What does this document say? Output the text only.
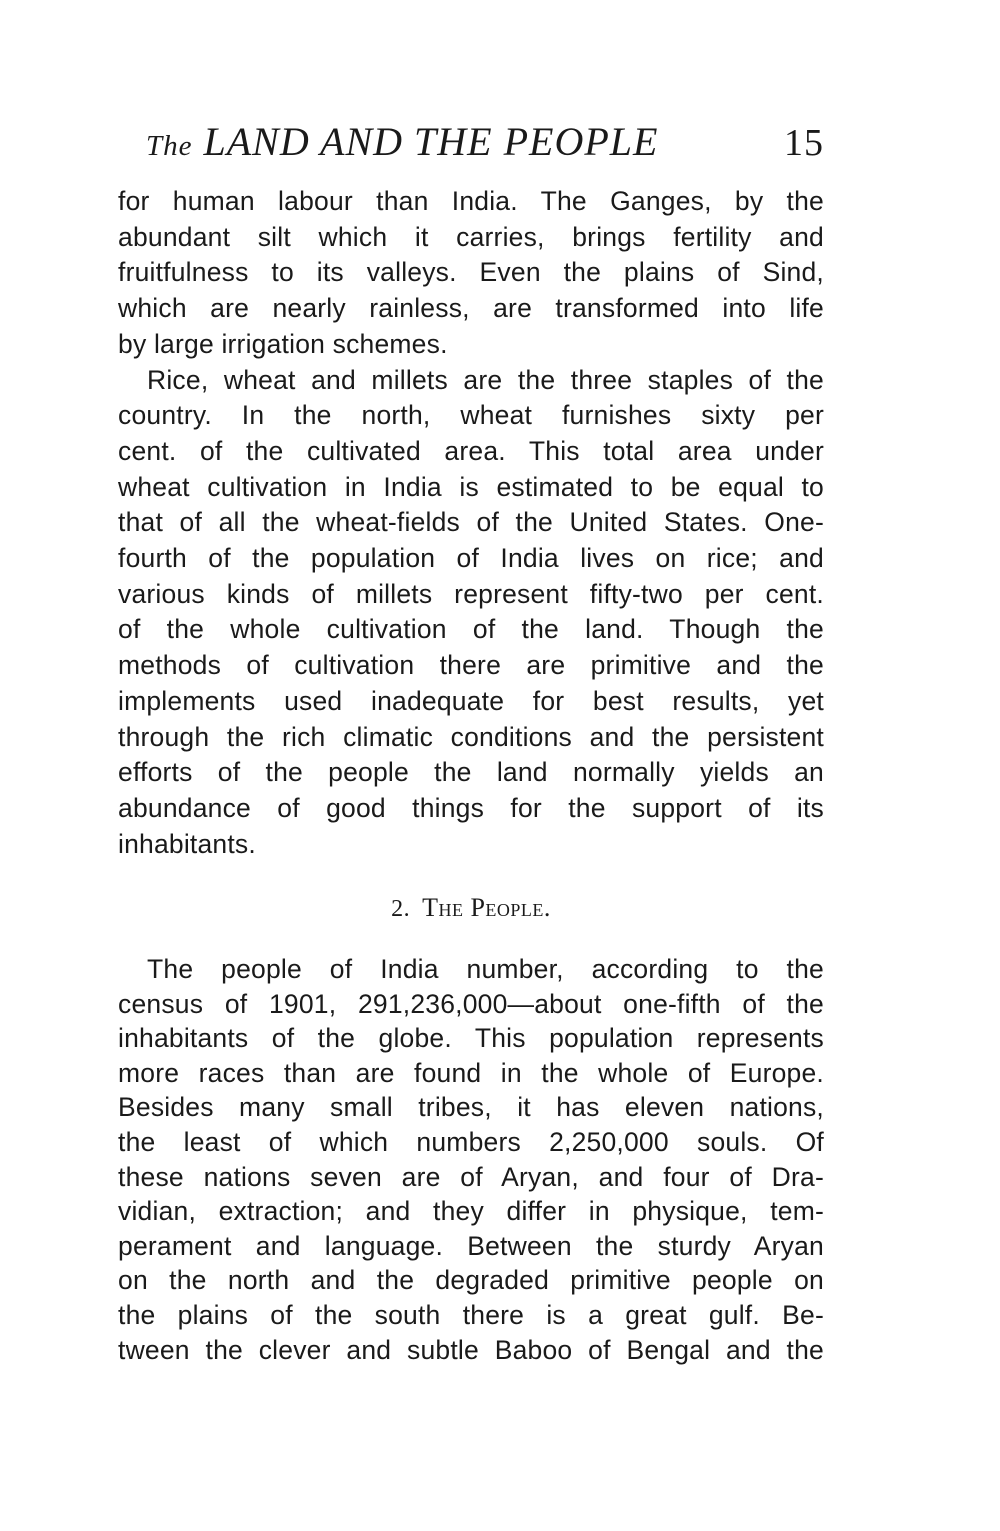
The LAND AND THE PEOPLE	15

for human labour than India. The Ganges, by the
abundant silt which it carries, brings fertility and
fruitfulness to its valleys. Even the plains of Sind,
which are nearly rainless, are transformed into life
by large irrigation schemes.

Rice, wheat and millets are the three staples of the
country. In the north, wheat furnishes sixty per
cent. of the cultivated area. This total area under
wheat cultivation in India is estimated to be equal to
that of all the wheat-fields of the United States. One-
fourth of the population of India lives on rice; and
various kinds of millets represent fifty-two per cent.
of the whole cultivation of the land. Though the
methods of cultivation there are primitive and the
implements used inadequate for best results, yet
through the rich climatic conditions and the persistent
efforts of the people the land normally yields an
abundance of good things for the support of its
inhabitants.

2. The People.

The people of India number, according to the
census of 1901, 291,236,000—about one-fifth of the
inhabitants of the globe. This population represents
more races than are found in the whole of Europe.
Besides many small tribes, it has eleven nations,
the least of which numbers 2,250,000 souls. Of
these nations seven are of Aryan, and four of Dra-
vidian, extraction; and they differ in physique, tem-
perament and language. Between the sturdy Aryan
on the north and the degraded primitive people on
the plains of the south there is a great gulf. Be-
tween the clever and subtle Baboo of Bengal and the
